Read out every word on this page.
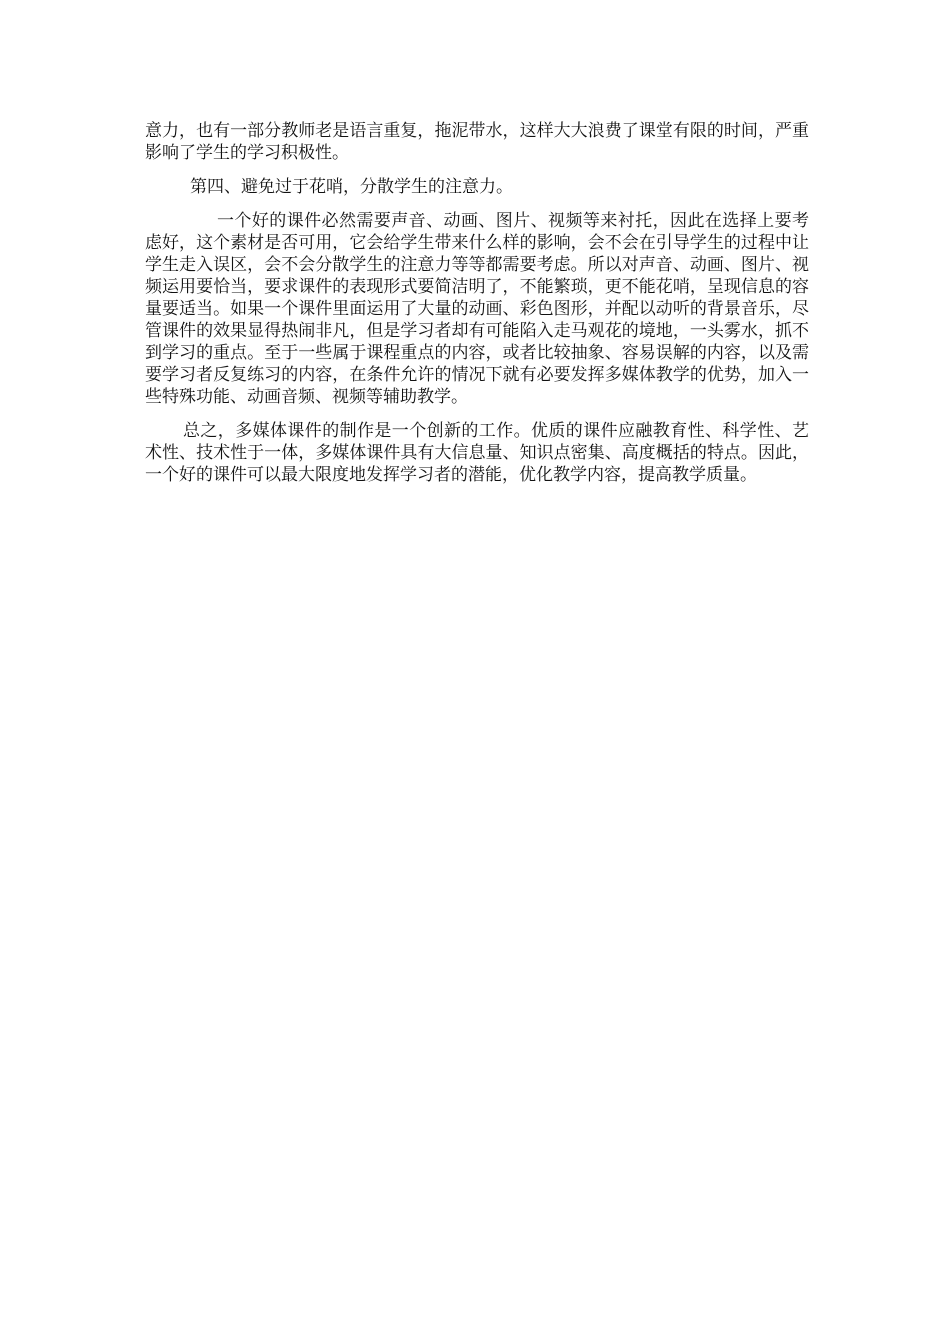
意力，也有一部分教师老是语言重复，拖泥带水，这样大大浪费了课堂有限的时间，严重影响了学生的学习积极性。

第四、避免过于花哨，分散学生的注意力。

一个好的课件必然需要声音、动画、图片、视频等来衬托，因此在选择上要考虑好，这个素材是否可用，它会给学生带来什么样的影响，会不会在引导学生的过程中让学生走入误区，会不会分散学生的注意力等等都需要考虑。所以对声音、动画、图片、视频运用要恰当，要求课件的表现形式要简洁明了，不能繁琐，更不能花哨，呈现信息的容量要适当。如果一个课件里面运用了大量的动画、彩色图形，并配以动听的背景音乐，尽管课件的效果显得热闹非凡，但是学习者却有可能陷入走马观花的境地，一头雾水，抓不到学习的重点。至于一些属于课程重点的内容，或者比较抽象、容易误解的内容，以及需要学习者反复练习的内容，在条件允许的情况下就有必要发挥多媒体教学的优势，加入一些特殊功能、动画音频、视频等辅助教学。

总之，多媒体课件的制作是一个创新的工作。优质的课件应融教育性、科学性、艺术性、技术性于一体，多媒体课件具有大信息量、知识点密集、高度概括的特点。因此，一个好的课件可以最大限度地发挥学习者的潜能，优化教学内容，提高教学质量。
